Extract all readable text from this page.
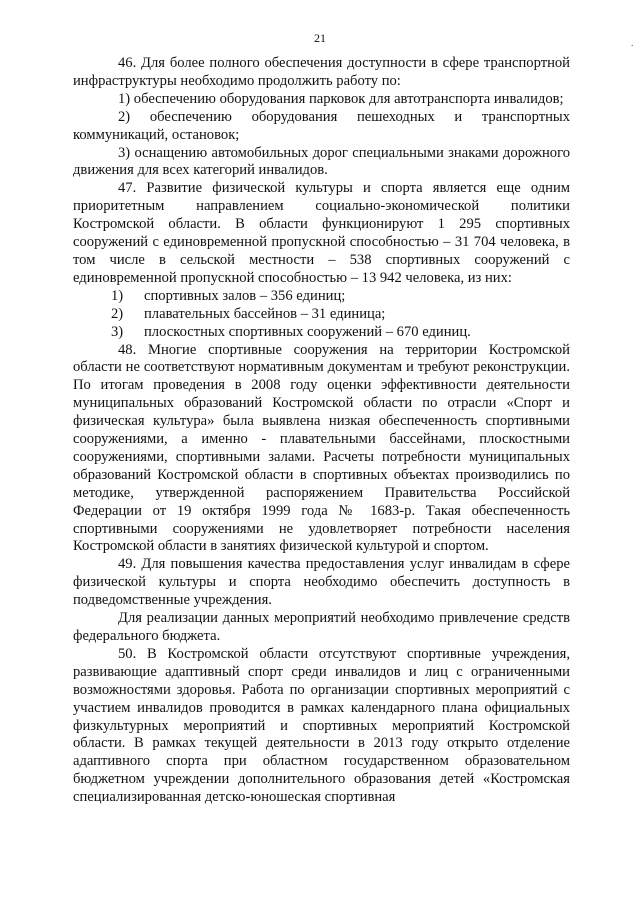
21
·

46. Для более полного обеспечения доступности в сфере транспортной инфраструктуры необходимо продолжить работу по:

1) обеспечению оборудования парковок для автотранспорта инвалидов;

2) обеспечению оборудования пешеходных и транспортных коммуникаций, остановок;

3) оснащению автомобильных дорог специальными знаками дорожного движения для всех категорий инвалидов.

47. Развитие физической культуры и спорта является еще одним приоритетным направлением социально-экономической политики Костромской области. В области функционируют 1 295 спортивных сооружений с единовременной пропускной способностью – 31 704 человека, в том числе в сельской местности – 538 спортивных сооружений с единовременной пропускной способностью – 13 942 человека, из них:

1) спортивных залов – 356 единиц;
2) плавательных бассейнов – 31 единица;
3) плоскостных спортивных сооружений – 670 единиц.

48. Многие спортивные сооружения на территории Костромской области не соответствуют нормативным документам и требуют реконструкции. По итогам проведения в 2008 году оценки эффективности деятельности муниципальных образований Костромской области по отрасли «Спорт и физическая культура» была выявлена низкая обеспеченность спортивными сооружениями, а именно - плавательными бассейнами, плоскостными сооружениями, спортивными залами. Расчеты потребности муниципальных образований Костромской области в спортивных объектах производились по методике, утвержденной распоряжением Правительства Российской Федерации от 19 октября 1999 года № 1683-р. Такая обеспеченность спортивными сооружениями не удовлетворяет потребности населения Костромской области в занятиях физической культурой и спортом.

49. Для повышения качества предоставления услуг инвалидам в сфере физической культуры и спорта необходимо обеспечить доступность в подведомственные учреждения.

Для реализации данных мероприятий необходимо привлечение средств федерального бюджета.

50. В Костромской области отсутствуют спортивные учреждения, развивающие адаптивный спорт среди инвалидов и лиц с ограниченными возможностями здоровья. Работа по организации спортивных мероприятий с участием инвалидов проводится в рамках календарного плана официальных физкультурных мероприятий и спортивных мероприятий Костромской области. В рамках текущей деятельности в 2013 году открыто отделение адаптивного спорта при областном государственном образовательном бюджетном учреждении дополнительного образования детей «Костромская специализированная детско-юношеская спортивная
